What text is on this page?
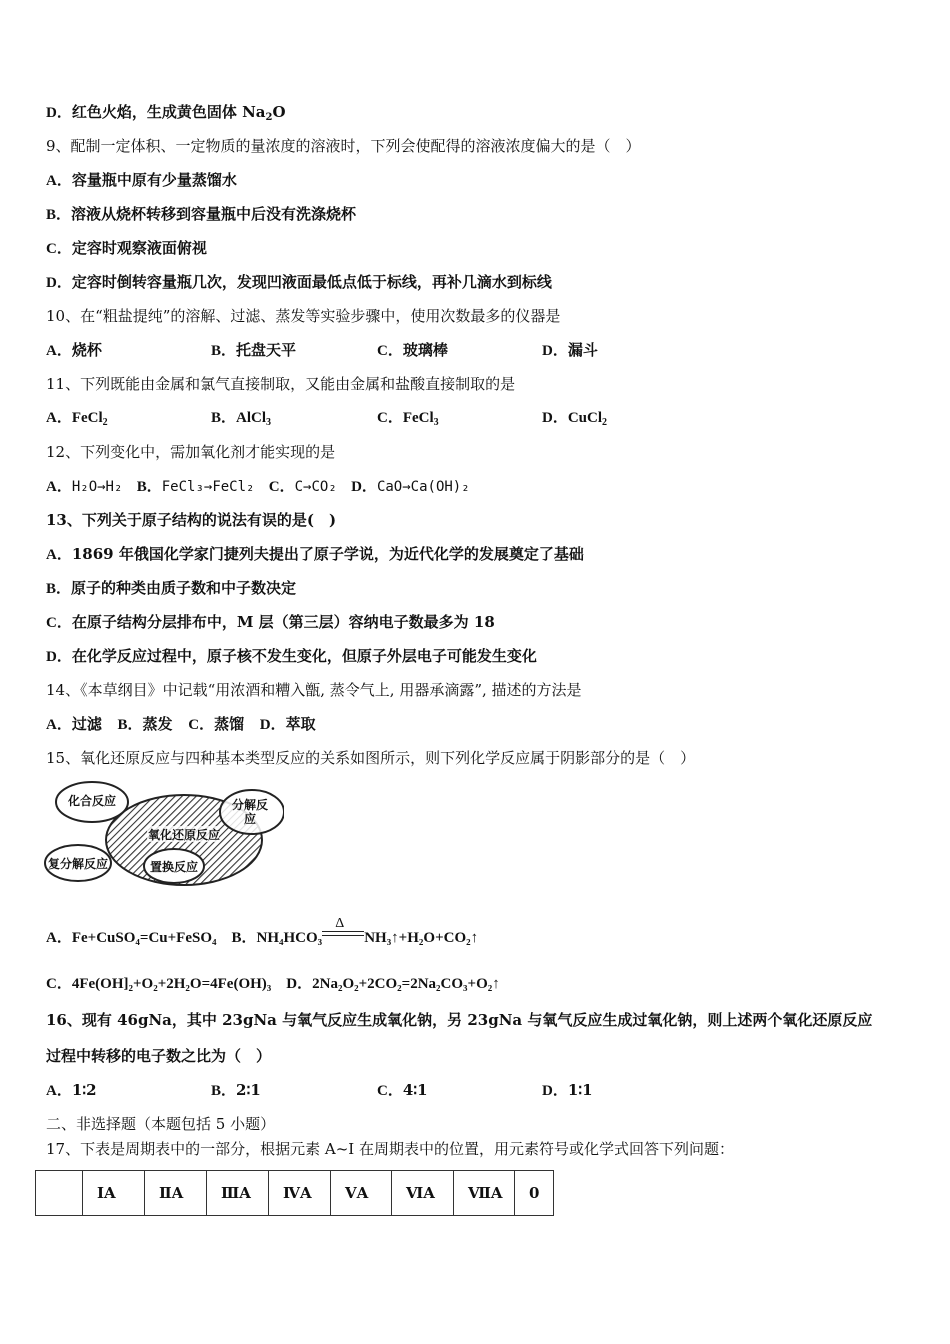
D．红色火焰，生成黄色固体 $Na_2O$
9、配制一定体积、一定物质的量浓度的溶液时，下列会使配得的溶液浓度偏大的是（　）
A．容量瓶中原有少量蒸馏水
B．溶液从烧杯转移到容量瓶中后没有洗涤烧杯
C．定容时观察液面俯视
D．定容时倒转容量瓶几次，发现凹液面最低点低于标线，再补几滴水到标线
10、在“粗盐提纯”的溶解、过滤、蒸发等实验步骤中，使用次数最多的仪器是
A．烧杯	B．托盘天平	C．玻璃棒	D．漏斗
11、下列既能由金属和氯气直接制取，又能由金属和盐酸直接制取的是
A．FeCl$_2$	B．AlCl$_3$	C．FeCl$_3$	D．CuCl$_2$
12、下列变化中，需加氧化剂才能实现的是
A．H₂O→H₂ B．FeCl₃→FeCl₂ C．C→CO₂ D．CaO→Ca(OH)₂
13、下列关于原子结构的说法有误的是(　)
A．1869 年俄国化学家门捷列夫提出了原子学说，为近代化学的发展奠定了基础
B．原子的种类由质子数和中子数决定
C．在原子结构分层排布中，M 层（第三层）容纳电子数最多为 18
D．在化学反应过程中，原子核不发生变化，但原子外层电子可能发生变化
14、《本草纲目》中记载“用浓酒和糟入甑, 蒸令气上, 用器承滴露”, 描述的方法是
A．过滤 B．蒸发 C．蒸馏 D．萃取
15、氧化还原反应与四种基本类型反应的关系如图所示，则下列化学反应属于阴影部分的是（　）
化合反应	分解反应
氧化还原反应
复分解反应	置换反应
A．Fe+CuSO₄=Cu+FeSO₄ B．NH₄HCO₃
Δ
NH₃↑+H₂O+CO₂↑
C．4Fe(OH]₂+O₂+2H₂O=4Fe(OH)₃ D．2Na₂O₂+2CO₂=2Na₂CO₃+O₂↑
16、现有 46gNa，其中 23gNa 与氧气反应生成氧化钠，另 23gNa 与氧气反应生成过氧化钠，则上述两个氧化还原反应
过程中转移的电子数之比为（　）
A．1∶2	B．2∶1	C．4∶1	D．1∶1
二、非选择题（本题包括 5 小题）
17、下表是周期表中的一部分，根据元素 A~I 在周期表中的位置，用元素符号或化学式回答下列问题：
	ⅠA	ⅡA	ⅢA	ⅣA	ⅤA	ⅥA	ⅦA	0
